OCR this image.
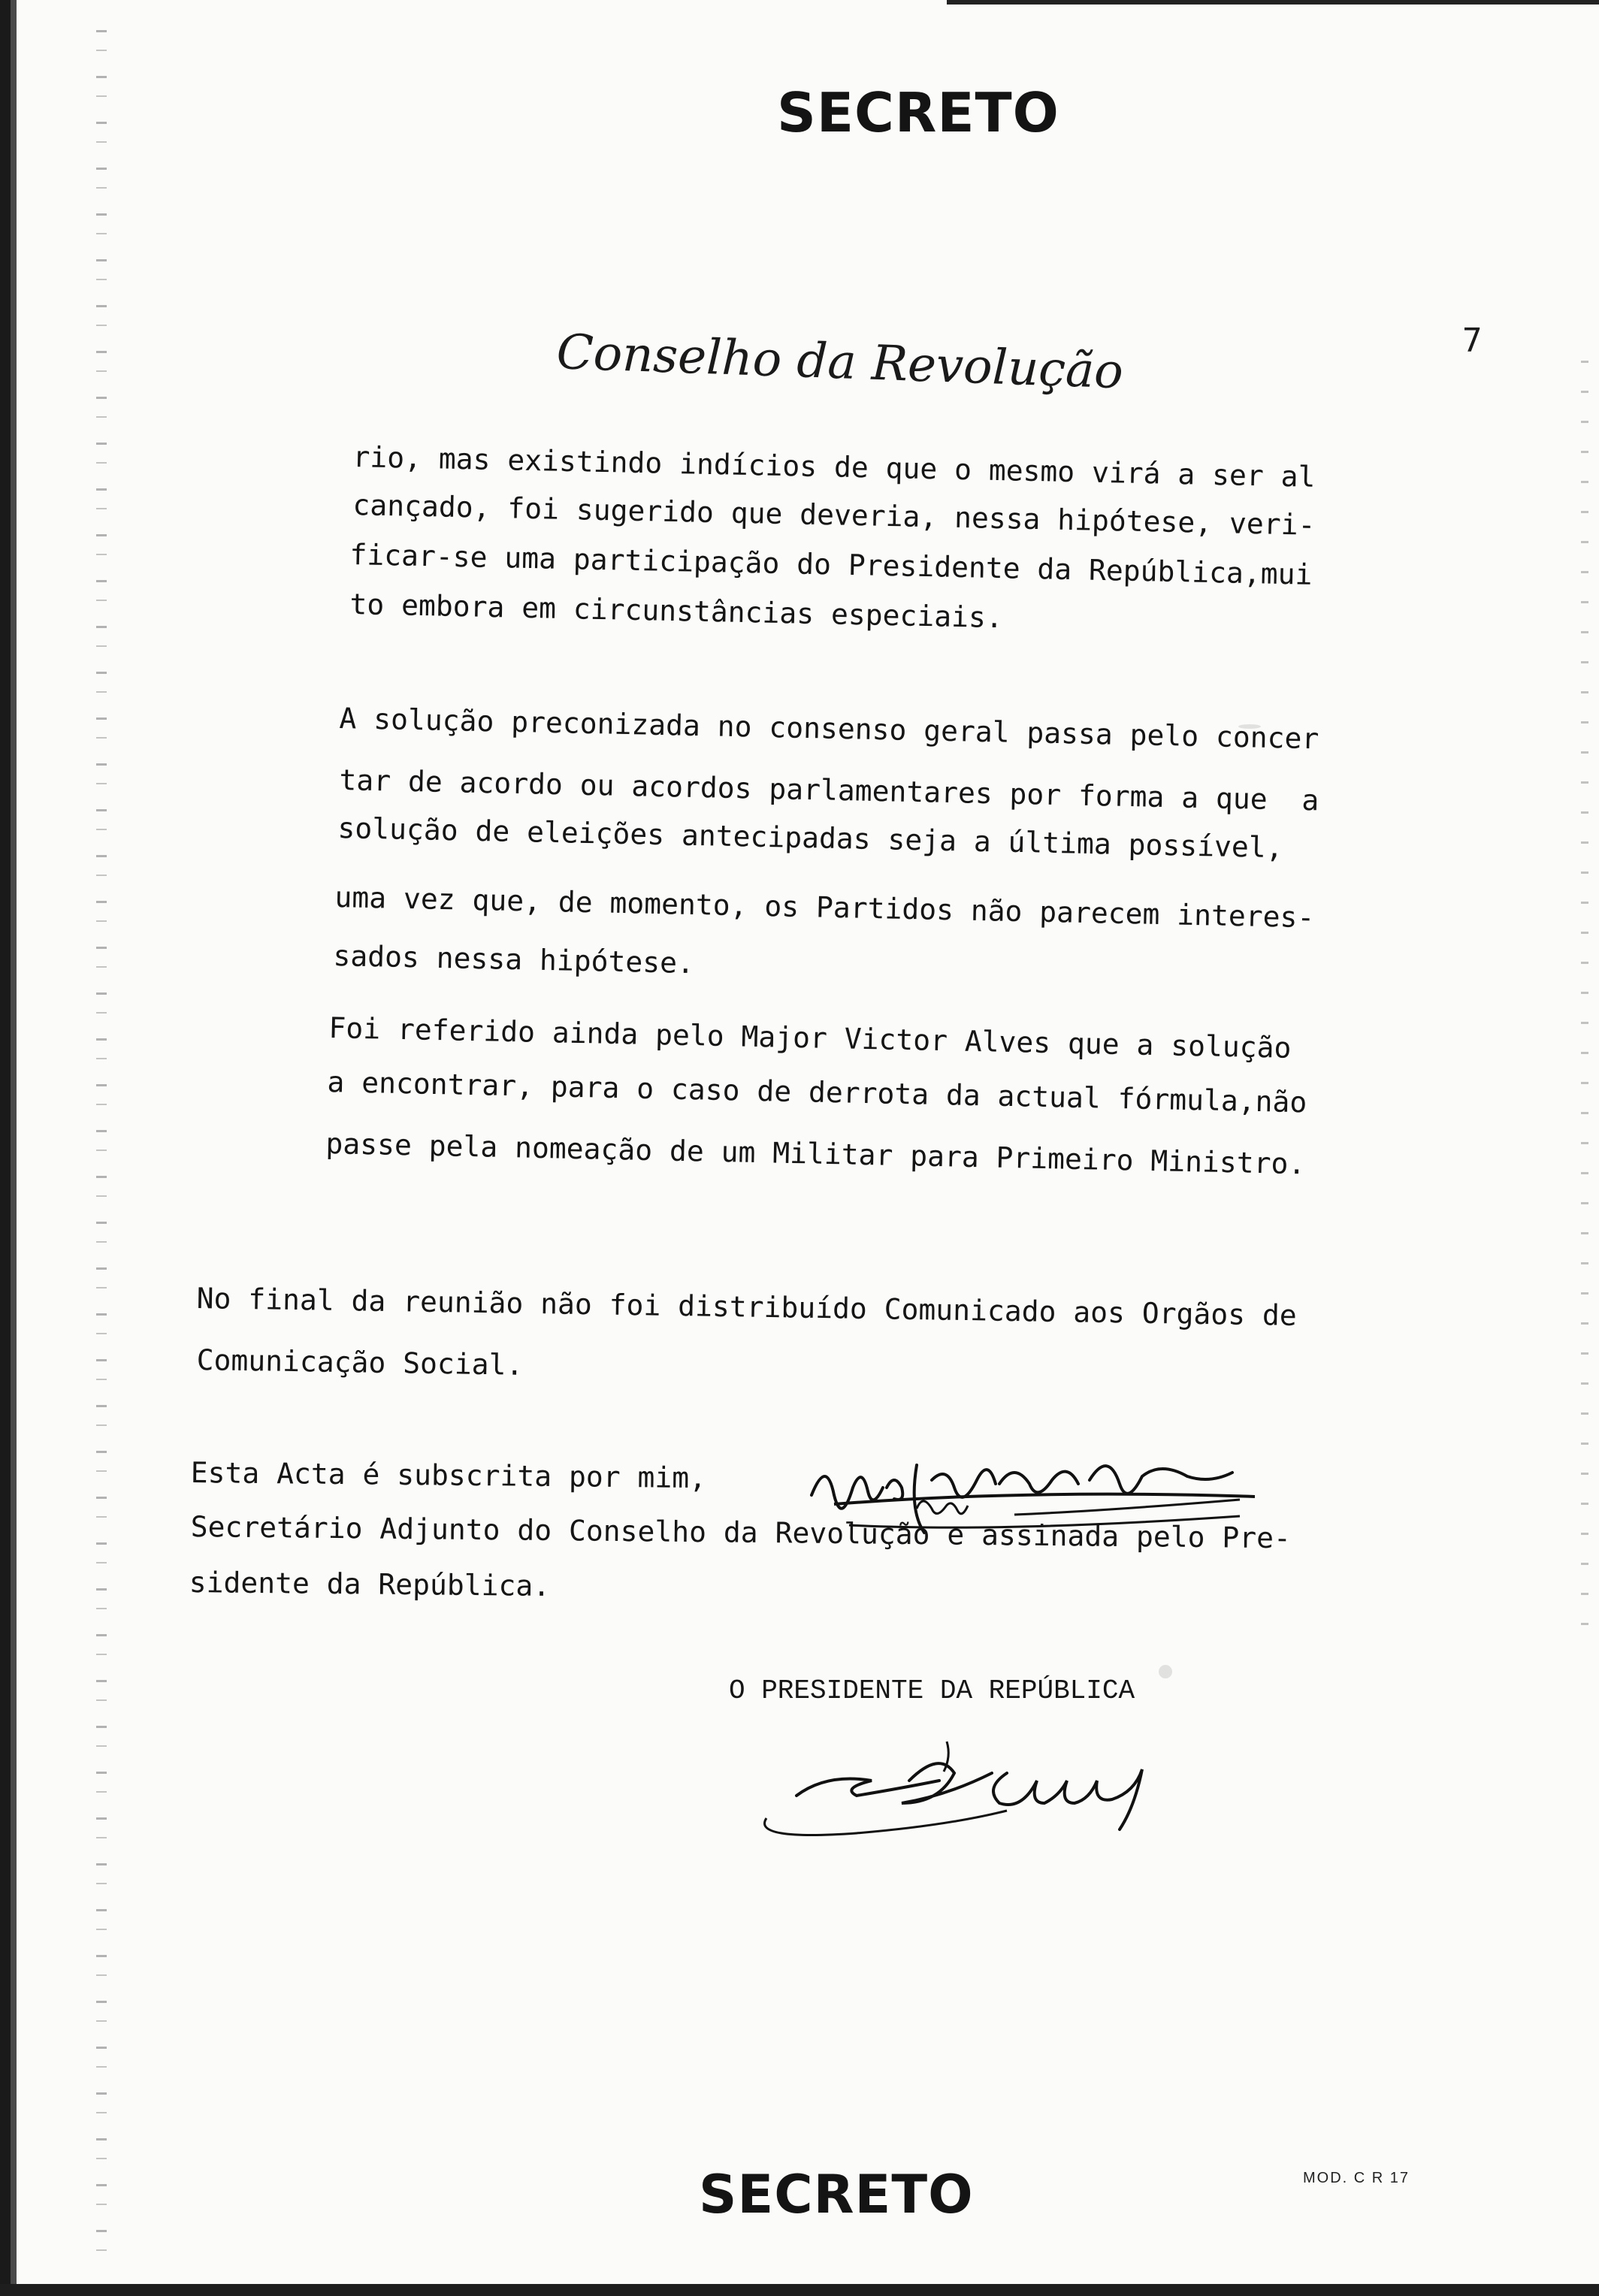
SECRETO
Conselho da Revolução	7

rio, mas existindo indícios de que o mesmo virá a ser al

cançado, foi sugerido que deveria, nessa hipótese, veri-

ficar-se uma participação do Presidente da República,mui

to embora em circunstâncias especiais.

A solução preconizada no consenso geral passa pelo concer

tar de acordo ou acordos parlamentares por forma a que  a

solução de eleições antecipadas seja a última possível,

uma vez que, de momento, os Partidos não parecem interes-

sados nessa hipótese.

Foi referido ainda pelo Major Victor Alves que a solução

a encontrar, para o caso de derrota da actual fórmula,não

passe pela nomeação de um Militar para Primeiro Ministro.

No final da reunião não foi distribuído Comunicado aos Orgãos de

Comunicação Social.

Esta Acta é subscrita por mim,

Secretário Adjunto do Conselho da Revolução e assinada pelo Pre-

sidente da República.

O PRESIDENTE DA REPÚBLICA

SECRETO	MOD. C R 17
